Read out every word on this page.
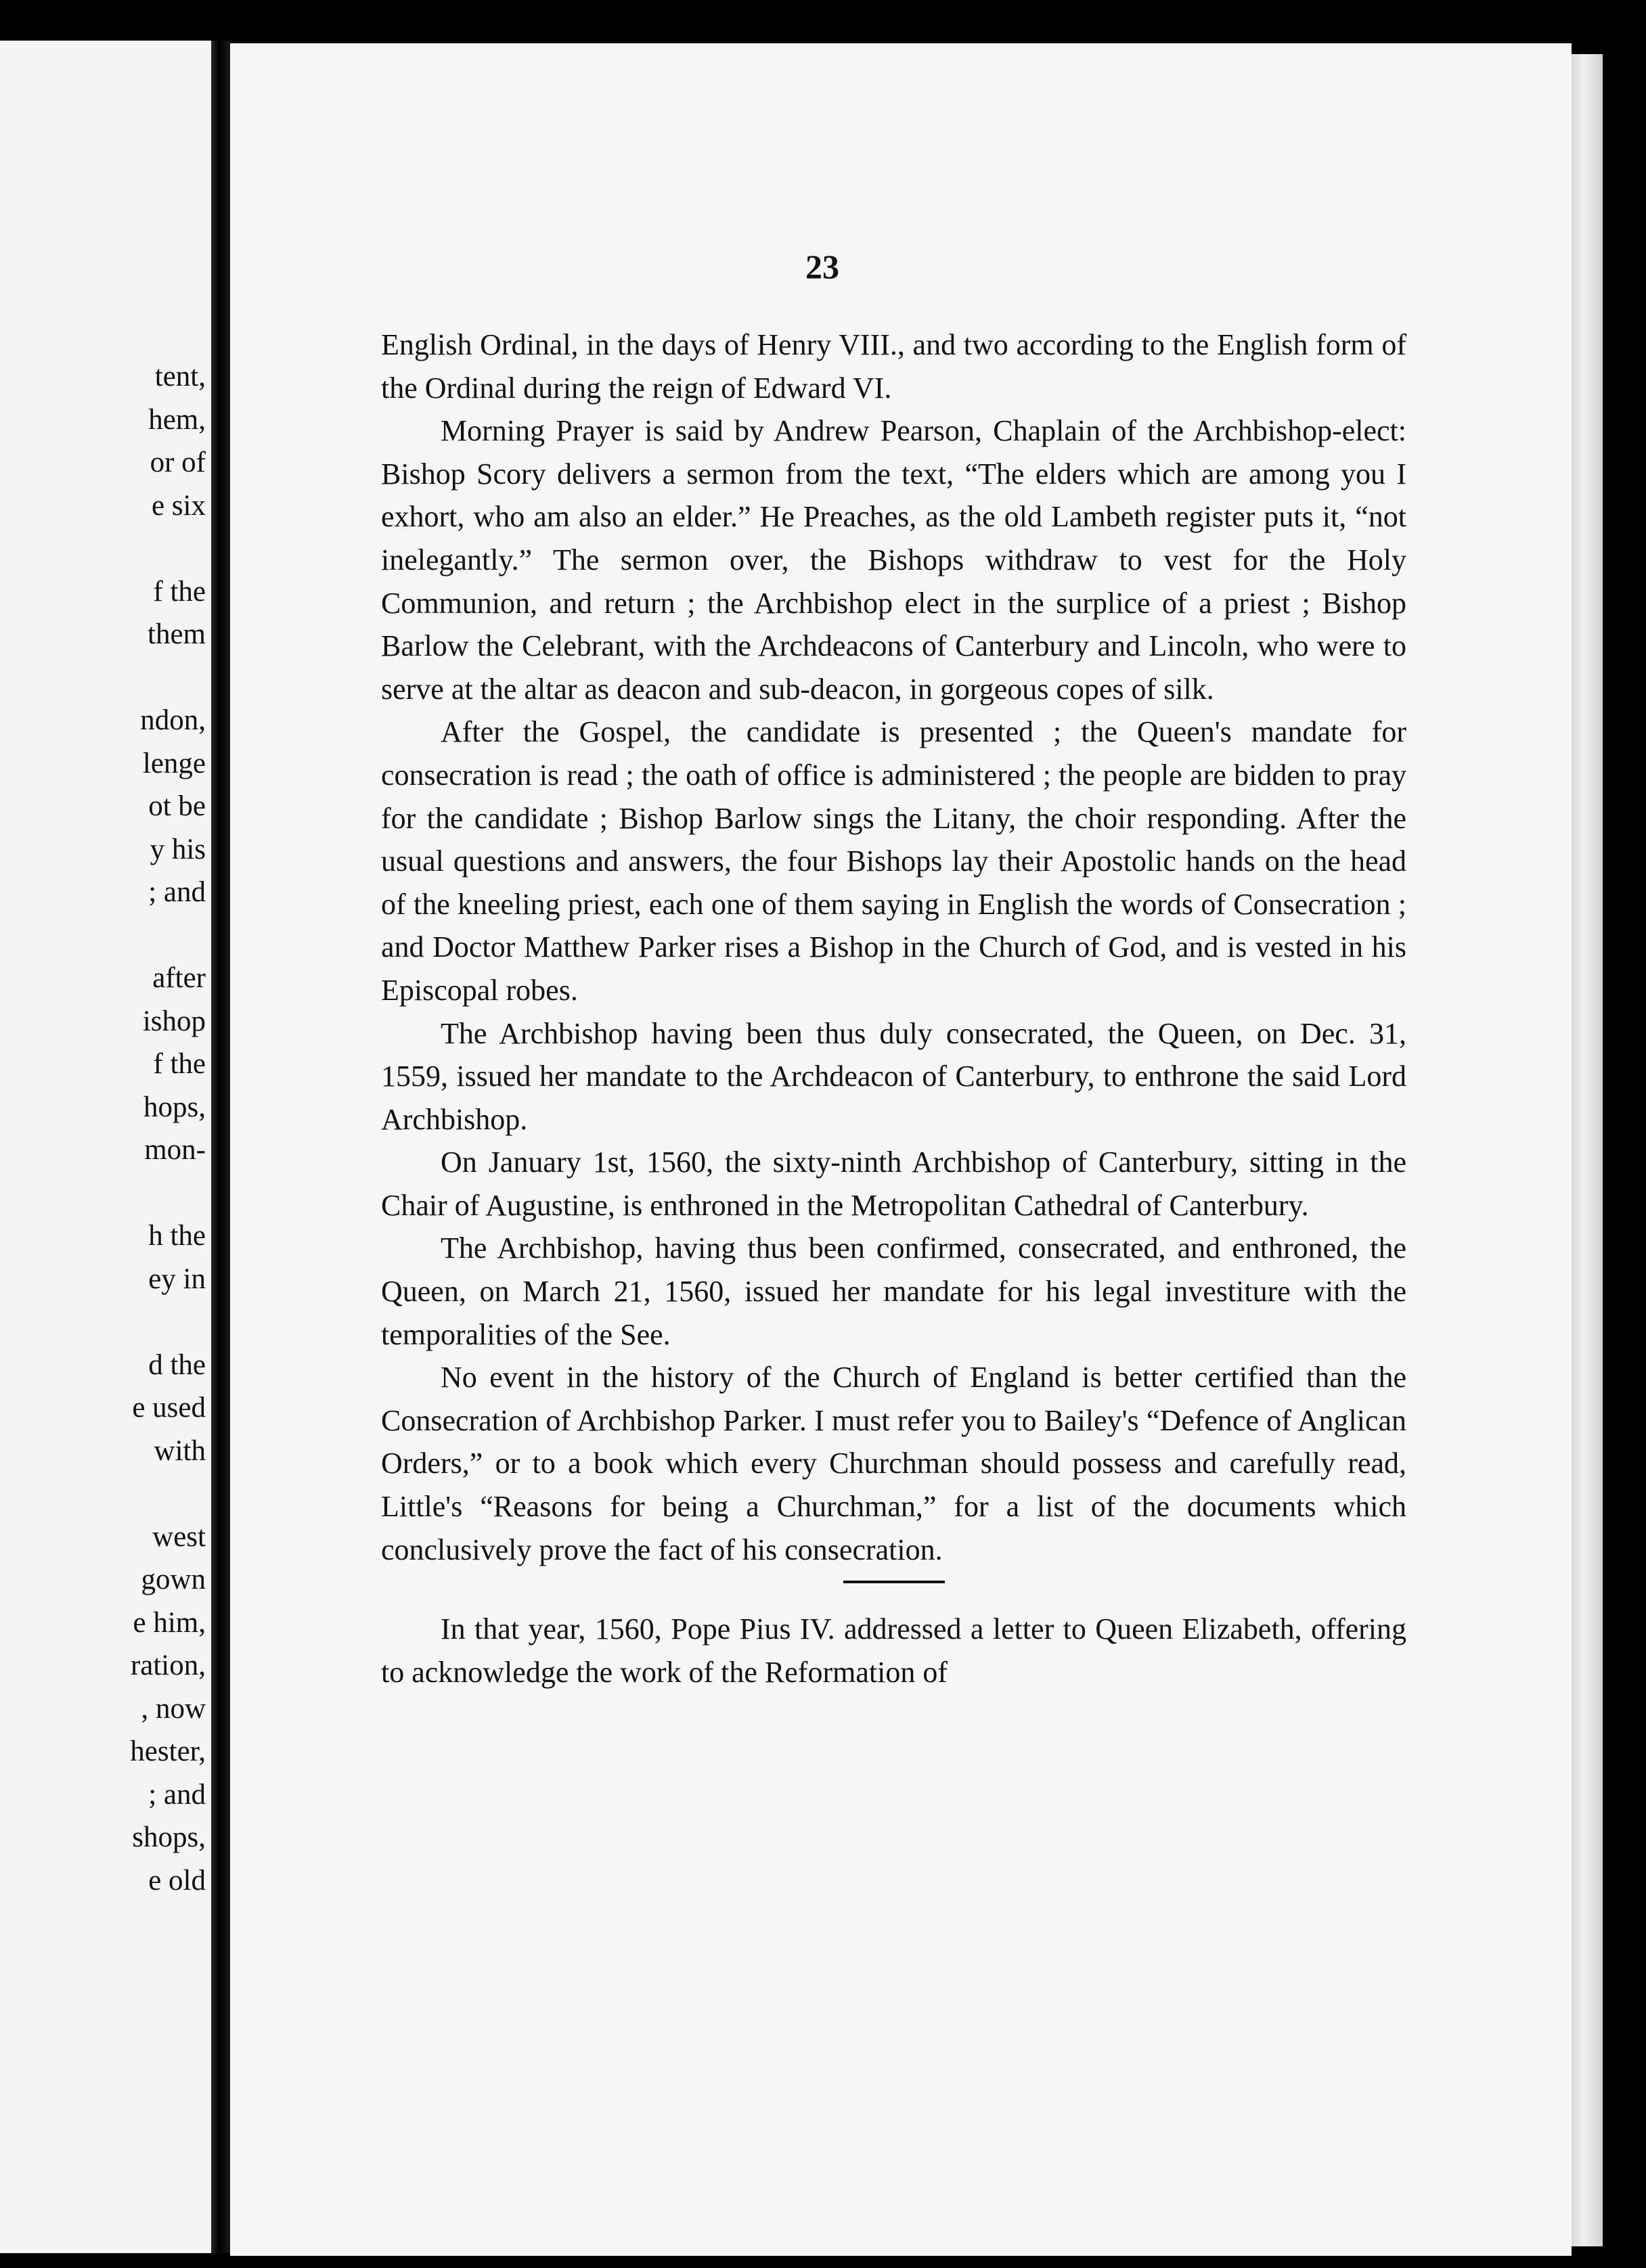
tent,
hem,
or of
e six
f the
them
ndon,
lenge
ot be
y his
; and
after
ishop
f the
hops,
mon-
h the
ey in
d the
e used
with
west
gown
e him,
ration,
, now
hester,
; and
shops,
e old
23

English Ordinal, in the days of Henry VIII., and two according to the English form of the Ordinal during the reign of Edward VI.

Morning Prayer is said by Andrew Pearson, Chaplain of the Archbishop-elect: Bishop Scory delivers a sermon from the text, “The elders which are among you I exhort, who am also an elder.” He Preaches, as the old Lambeth register puts it, “not inelegantly.” The sermon over, the Bishops withdraw to vest for the Holy Communion, and return ; the Archbishop elect in the surplice of a priest ; Bishop Barlow the Celebrant, with the Archdeacons of Canterbury and Lincoln, who were to serve at the altar as deacon and sub-deacon, in gorgeous copes of silk.

After the Gospel, the candidate is presented ; the Queen's mandate for consecration is read ; the oath of office is administered ; the people are bidden to pray for the candidate ; Bishop Barlow sings the Litany, the choir responding. After the usual questions and answers, the four Bishops lay their Apostolic hands on the head of the kneeling priest, each one of them saying in English the words of Consecration ; and Doctor Matthew Parker rises a Bishop in the Church of God, and is vested in his Episcopal robes.

The Archbishop having been thus duly consecrated, the Queen, on Dec. 31, 1559, issued her mandate to the Archdeacon of Canterbury, to enthrone the said Lord Archbishop.

On January 1st, 1560, the sixty-ninth Archbishop of Canterbury, sitting in the Chair of Augustine, is enthroned in the Metropolitan Cathedral of Canterbury.

The Archbishop, having thus been confirmed, consecrated, and enthroned, the Queen, on March 21, 1560, issued her mandate for his legal investiture with the temporalities of the See.

No event in the history of the Church of England is better certified than the Consecration of Archbishop Parker. I must refer you to Bailey's “Defence of Anglican Orders,” or to a book which every Churchman should possess and carefully read, Little's “Reasons for being a Churchman,” for a list of the documents which conclusively prove the fact of his consecration.

In that year, 1560, Pope Pius IV. addressed a letter to Queen Elizabeth, offering to acknowledge the work of the Reformation of
